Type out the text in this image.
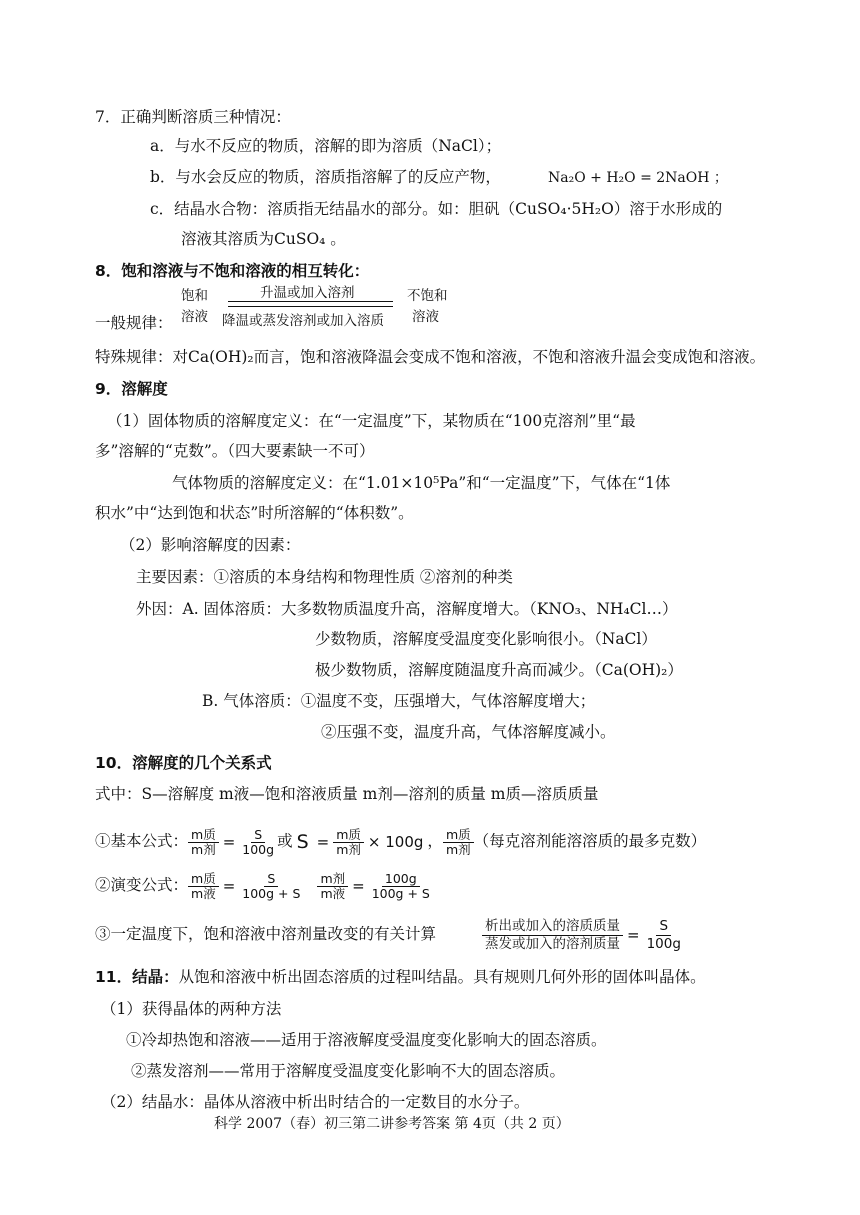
7．正确判断溶质三种情况：
a．与水不反应的物质，溶解的即为溶质（NaCl）；
b．与水会反应的物质，溶质指溶解了的反应产物，	Na₂O + H₂O = 2NaOH ；
c．结晶水合物：溶质指无结晶水的部分。如：胆矾（CuSO₄·5H₂O）溶于水形成的
溶液其溶质为CuSO₄ 。
8．饱和溶液与不饱和溶液的相互转化：
一般规律：
饱和
溶液
升温或加入溶剂
降温或蒸发溶剂或加入溶质
不饱和
溶液
特殊规律：对Ca(OH)₂而言，饱和溶液降温会变成不饱和溶液，不饱和溶液升温会变成饱和溶液。
9．溶解度
（1）固体物质的溶解度定义：在“一定温度”下，某物质在“100克溶剂”里“最
多”溶解的“克数”。（四大要素缺一不可）
气体物质的溶解度定义：在“1.01×10⁵Pa”和“一定温度”下，气体在“1体
积水”中“达到饱和状态”时所溶解的“体积数”。
（2）影响溶解度的因素：
主要因素：①溶质的本身结构和物理性质 ②溶剂的种类
外因：A. 固体溶质：大多数物质温度升高，溶解度增大。（KNO₃、NH₄Cl…）
少数物质，溶解度受温度变化影响很小。（NaCl）
极少数物质，溶解度随温度升高而减少。（Ca(OH)₂）
B. 气体溶质：①温度不变，压强增大，气体溶解度增大；
②压强不变，温度升高，气体溶解度减小。
10．溶解度的几个关系式
式中：S—溶解度 m液—饱和溶液质量 m剂—溶剂的质量 m质—溶质质量
①基本公式： $\frac{\text{m质}}{\text{m剂}} = \frac{S}{100g}$ 或 $S = \frac{\text{m质}}{\text{m剂}} \times 100g$ ， $\frac{\text{m质}}{\text{m剂}}$ （每克溶剂能溶溶质的最多克数）
②演变公式： $\frac{\text{m质}}{\text{m液}} = \frac{S}{100g + S} \frac{\text{m剂}}{\text{m液}} = \frac{100g}{100g + S}$
③一定温度下，饱和溶液中溶剂量改变的有关计算	$\frac{\text{析出或加入的溶质质量}}{\text{蒸发或加入的溶剂质量}} = \frac{S}{100g}$
11．结晶：从饱和溶液中析出固态溶质的过程叫结晶。具有规则几何外形的固体叫晶体。
（1）获得晶体的两种方法
①冷却热饱和溶液——适用于溶液解度受温度变化影响大的固态溶质。
②蒸发溶剂——常用于溶解度受温度变化影响不大的固态溶质。
（2）结晶水：晶体从溶液中析出时结合的一定数目的水分子。
科学 2007（春）初三第二讲参考答案 第 4页（共 2 页）
